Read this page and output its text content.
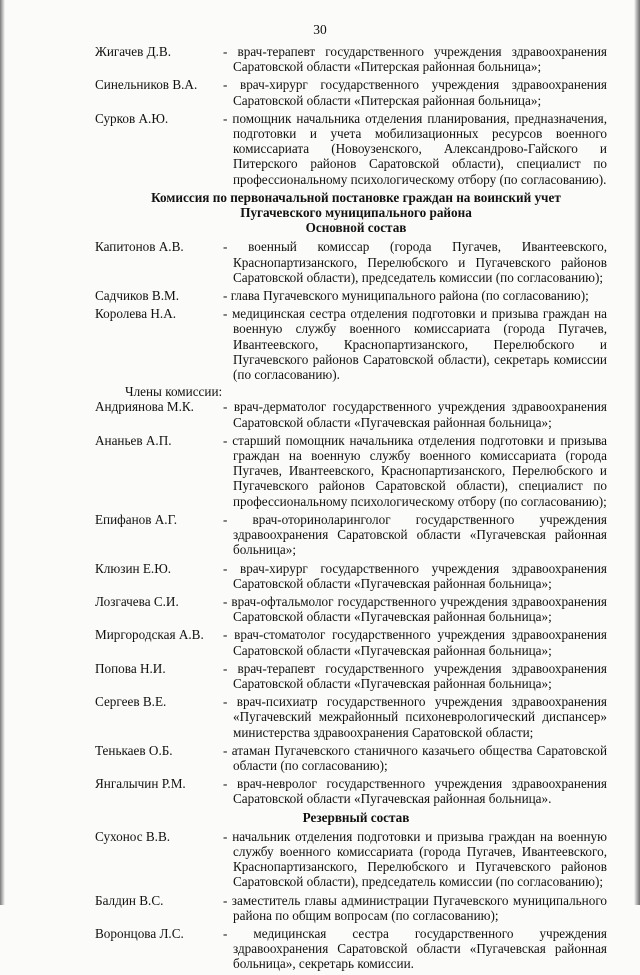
30
Жигачев Д.В.	- врач-терапевт государственного учреждения здравоохранения Саратовской области «Питерская районная больница»;
Синельников В.А. - врач-хирург государственного учреждения здравоохранения Саратовской области «Питерская районная больница»;
Сурков А.Ю.	- помощник начальника отделения планирования, предназначения, подготовки и учета мобилизационных ресурсов военного комиссариата (Новоузенского, Александрово-Гайского и Питерского районов Саратовской области), специалист по профессиональному психологическому отбору (по согласованию).
Комиссия по первоначальной постановке граждан на воинский учет
Пугачевского муниципального района
Основной состав
Капитонов А.В.	- военный комиссар (города Пугачев, Ивантеевского, Краснопартизанского, Перелюбского и Пугачевского районов Саратовской области), председатель комиссии (по согласованию);
Садчиков В.М.	- глава Пугачевского муниципального района (по согласованию);
Королева Н.А.	- медицинская сестра отделения подготовки и призыва граждан на военную службу военного комиссариата (города Пугачев, Ивантеевского, Краснопартизанского, Перелюбского и Пугачевского районов Саратовской области), секретарь комиссии (по согласованию).
Члены комиссии:
Андриянова М.К. - врач-дерматолог государственного учреждения здравоохранения Саратовской области «Пугачевская районная больница»;
Ананьев А.П.	- старший помощник начальника отделения подготовки и призыва граждан на военную службу военного комиссариата (города Пугачев, Ивантеевского, Краснопартизанского, Перелюбского и Пугачевского районов Саратовской области), специалист по профессиональному психологическому отбору (по согласованию);
Епифанов А.Г.	- врач-оториноларинголог государственного учреждения здравоохранения Саратовской области «Пугачевская районная больница»;
Клюзин Е.Ю.	- врач-хирург государственного учреждения здравоохранения Саратовской области «Пугачевская районная больница»;
Лозгачева С.И.	- врач-офтальмолог государственного учреждения здравоохранения Саратовской области «Пугачевская районная больница»;
Миргородская А.В. - врач-стоматолог государственного учреждения здравоохранения Саратовской области «Пугачевская районная больница»;
Попова Н.И.	- врач-терапевт государственного учреждения здравоохранения Саратовской области «Пугачевская районная больница»;
Сергеев В.Е.	- врач-психиатр государственного учреждения здравоохранения «Пугачевский межрайонный психоневрологический диспансер» министерства здравоохранения Саратовской области;
Тенькаев О.Б.	- атаман Пугачевского станичного казачьего общества Саратовской области (по согласованию);
Янгалычин Р.М.	- врач-невролог государственного учреждения здравоохранения Саратовской области «Пугачевская районная больница».
Резервный состав
Сухонос В.В.	- начальник отделения подготовки и призыва граждан на военную службу военного комиссариата (города Пугачев, Ивантеевского, Краснопартизанского, Перелюбского и Пугачевского районов Саратовской области), председатель комиссии (по согласованию);
Балдин В.С.	- заместитель главы администрации Пугачевского муниципального района по общим вопросам (по согласованию);
Воронцова Л.С.	- медицинская сестра государственного учреждения здравоохранения Саратовской области «Пугачевская районная больница», секретарь комиссии.
